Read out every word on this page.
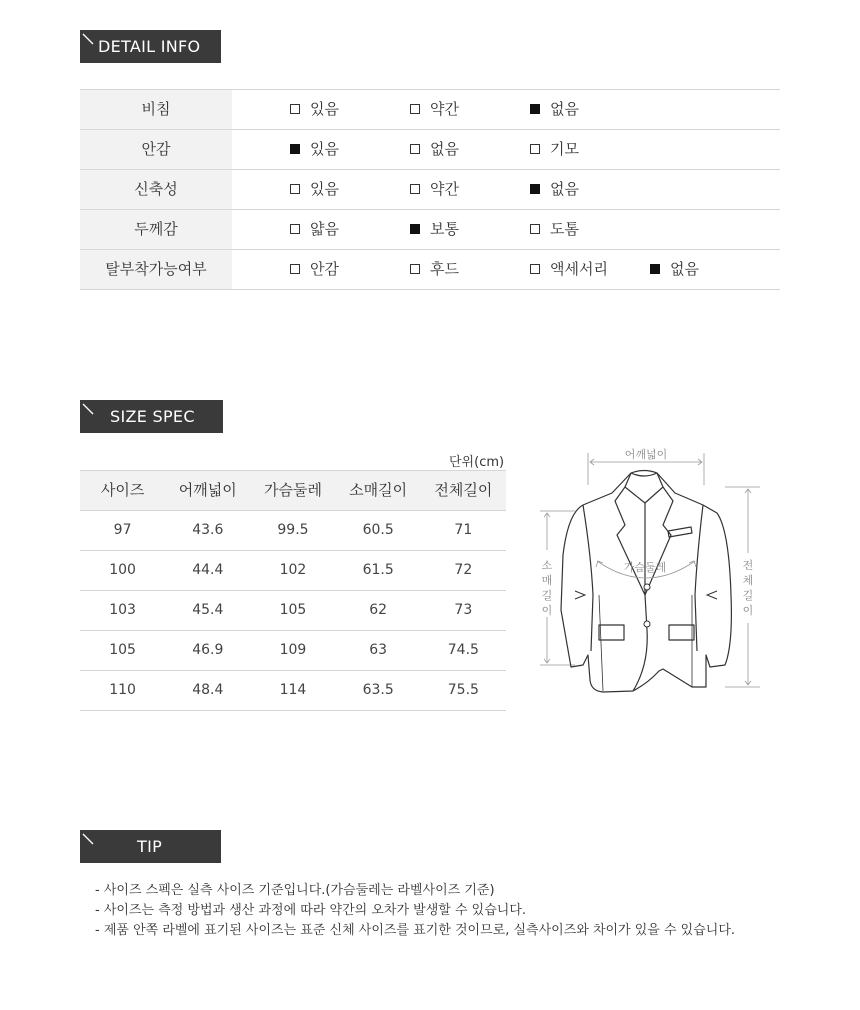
DETAIL INFO
비침	있음	약간	없음
안감	있음	없음	기모
신축성	있음	약간	없음
두께감	얇음	보통	도톰
탈부착가능여부	안감	후드	액세서리	없음
SIZE SPEC
단위(cm)
사이즈	어깨넓이	가슴둘레	소매길이	전체길이
97	43.6	99.5	60.5	71
100	44.4	102	61.5	72
103	45.4	105	62	73
105	46.9	109	63	74.5
110	48.4	114	63.5	75.5
어깨넓이
소
매
길
이
전
체
길
이
가슴둘레
TIP
- 사이즈 스펙은 실측 사이즈 기준입니다.(가슴둘레는 라벨사이즈 기준)
- 사이즈는 측정 방법과 생산 과정에 따라 약간의 오차가 발생할 수 있습니다.
- 제품 안쪽 라벨에 표기된 사이즈는 표준 신체 사이즈를 표기한 것이므로, 실측사이즈와 차이가 있을 수 있습니다.
